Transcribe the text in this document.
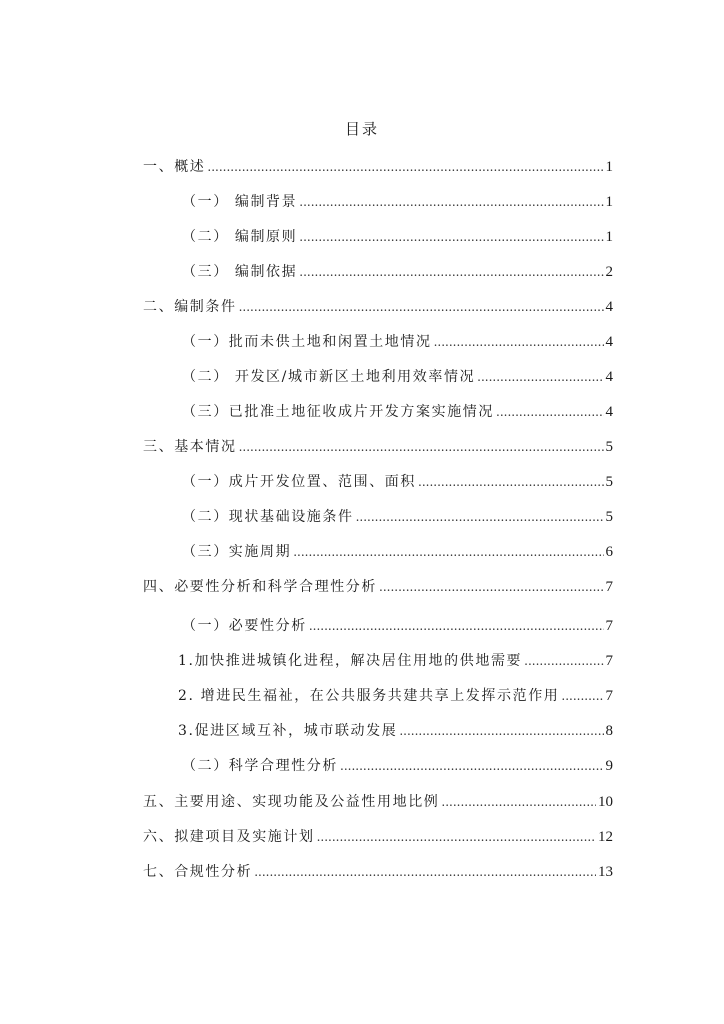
目录
一、概述 .....	1
（一） 编制背景 .....	1
（二） 编制原则 .....	1
（三） 编制依据 .....	2
二、编制条件 .....	4
（一）批而未供土地和闲置土地情况 .....	4
（二） 开发区/城市新区土地利用效率情况 .....	4
（三）已批准土地征收成片开发方案实施情况 .....	4
三、基本情况 .....	5
（一）成片开发位置、范围、面积 .....	5
（二）现状基础设施条件 .....	5
（三）实施周期 .....	6
四、必要性分析和科学合理性分析 .....	7
（一）必要性分析 .....	7
1.加快推进城镇化进程，解决居住用地的供地需要 .....	7
2. 增进民生福祉，在公共服务共建共享上发挥示范作用 .....	7
3.促进区域互补，城市联动发展 .....	8
（二）科学合理性分析 .....	9
五、主要用途、实现功能及公益性用地比例 .....	10
六、拟建项目及实施计划 .....	12
七、合规性分析 .....	13
